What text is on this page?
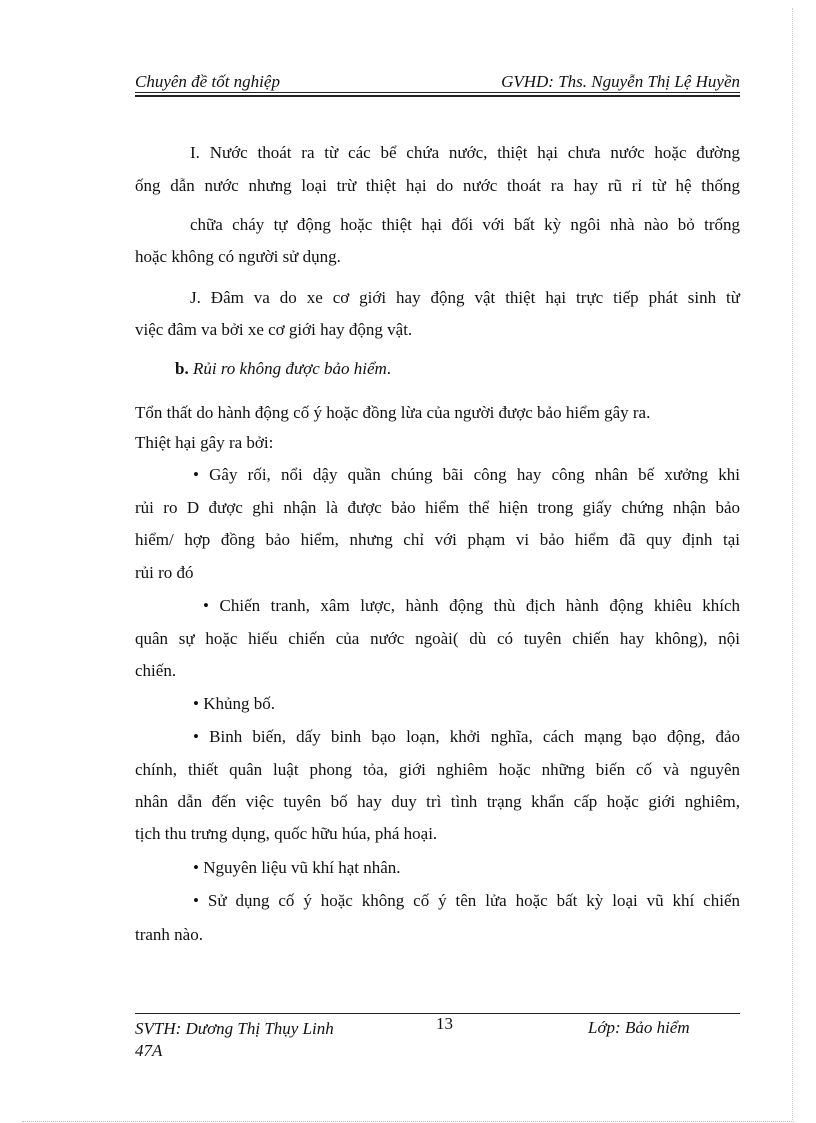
Chuyên đề tốt nghiệp	GVHD: Ths. Nguyễn Thị Lệ Huyền
I. Nước thoát ra từ các bể chứa nước, thiệt hại chưa nước hoặc đường
ống dẫn nước nhưng loại trừ thiệt hại do nước thoát ra hay rũ rỉ từ hệ thống
chữa cháy tự động hoặc thiệt hại đối với bất kỳ ngôi nhà nào bỏ trống
hoặc không có người sử dụng.
J. Đâm va do xe cơ giới hay động vật thiệt hại trực tiếp phát sinh từ
việc đâm va bởi xe cơ giới hay động vật.
b. Rủi ro không được bảo hiểm.
Tổn thất do hành động cố ý hoặc đồng lừa của người được bảo hiểm gây ra.
Thiệt hại gây ra bởi:
• Gây rối, nổi dậy quần chúng bãi công hay công nhân bế xưởng khi
rủi ro D được ghi nhận là được bảo hiểm thể hiện trong giấy chứng nhận bảo
hiểm/ hợp đồng bảo hiểm, nhưng chỉ với phạm vi bảo hiểm đã quy định tại
rủi ro đó
• Chiến tranh, xâm lược, hành động thù địch hành động khiêu khích
quân sự hoặc hiếu chiến của nước ngoài( dù có tuyên chiến hay không), nội
chiến.
• Khủng bố.
• Binh biến, dấy binh bạo loạn, khởi nghĩa, cách mạng bạo động, đảo
chính, thiết quân luật phong tỏa, giới nghiêm hoặc những biến cố và nguyên
nhân dẫn đến việc tuyên bố hay duy trì tình trạng khẩn cấp hoặc giới nghiêm,
tịch thu trưng dụng, quốc hữu húa, phá hoại.
• Nguyên liệu vũ khí hạt nhân.
• Sử dụng cố ý hoặc không cố ý tên lửa hoặc bất kỳ loại vũ khí chiến
tranh nào.
SVTH: Dương Thị Thụy Linh
47A
13	Lớp: Bảo hiểm
